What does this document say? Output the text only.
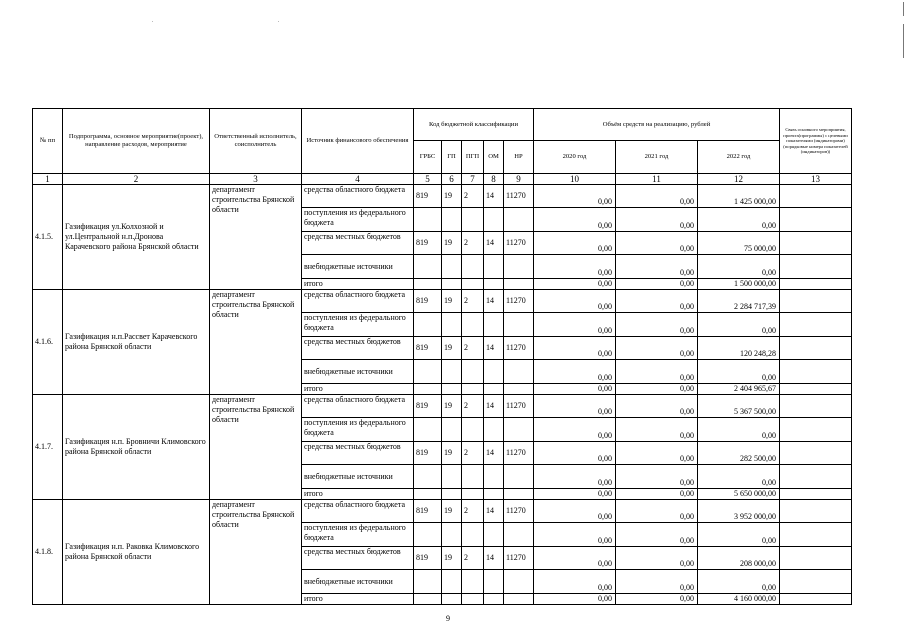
№ пп	Подпрограмма, основное мероприятие(проект), направление расходов, мероприятие	Ответственный исполнитель, соисполнитель	Источник финансового обеспечения	Код бюджетной классификации					Объём средств на реализацию, рублей			Связь основного мероприятия, проекта(программы) с целевыми показателями (индикаторами) (порядковые номера показателей (индикаторов))
				ГРБС	ГП	ПГП	ОМ	НР	2020 год	2021 год	2022 год	
1	2	3	4	5	6	7	8	9	10	11	12	13
4.1.5.	Газификация ул.Колхозной и ул.Центральной н.п.Дронова Карачевского района Брянской области	департамент строительства Брянской области	средства областного бюджета	819	19	2	14	11270	0,00	0,00	1 425 000,00	
			поступления из федерального бюджета						0,00	0,00	0,00	
			средства местных бюджетов	819	19	2	14	11270	0,00	0,00	75 000,00	
			внебюджетные источники						0,00	0,00	0,00	
			итого						0,00	0,00	1 500 000,00	
4.1.6.	Газификация н.п.Рассвет Карачевского района Брянской области	департамент строительства Брянской области	средства областного бюджета	819	19	2	14	11270	0,00	0,00	2 284 717,39	
			поступления из федерального бюджета						0,00	0,00	0,00	
			средства местных бюджетов	819	19	2	14	11270	0,00	0,00	120 248,28	
			внебюджетные источники						0,00	0,00	0,00	
			итого						0,00	0,00	2 404 965,67	
4.1.7.	Газификация н.п. Бровничи Климовского района Брянской области	департамент строительства Брянской области	средства областного бюджета	819	19	2	14	11270	0,00	0,00	5 367 500,00	
			поступления из федерального бюджета						0,00	0,00	0,00	
			средства местных бюджетов	819	19	2	14	11270	0,00	0,00	282 500,00	
			внебюджетные источники						0,00	0,00	0,00	
			итого						0,00	0,00	5 650 000,00	
4.1.8.	Газификация н.п. Раковка Климовского района Брянской области	департамент строительства Брянской области	средства областного бюджета	819	19	2	14	11270	0,00	0,00	3 952 000,00	
			поступления из федерального бюджета						0,00	0,00	0,00	
			средства местных бюджетов	819	19	2	14	11270	0,00	0,00	208 000,00	
			внебюджетные источники						0,00	0,00	0,00	
			итого						0,00	0,00	4 160 000,00	
9
